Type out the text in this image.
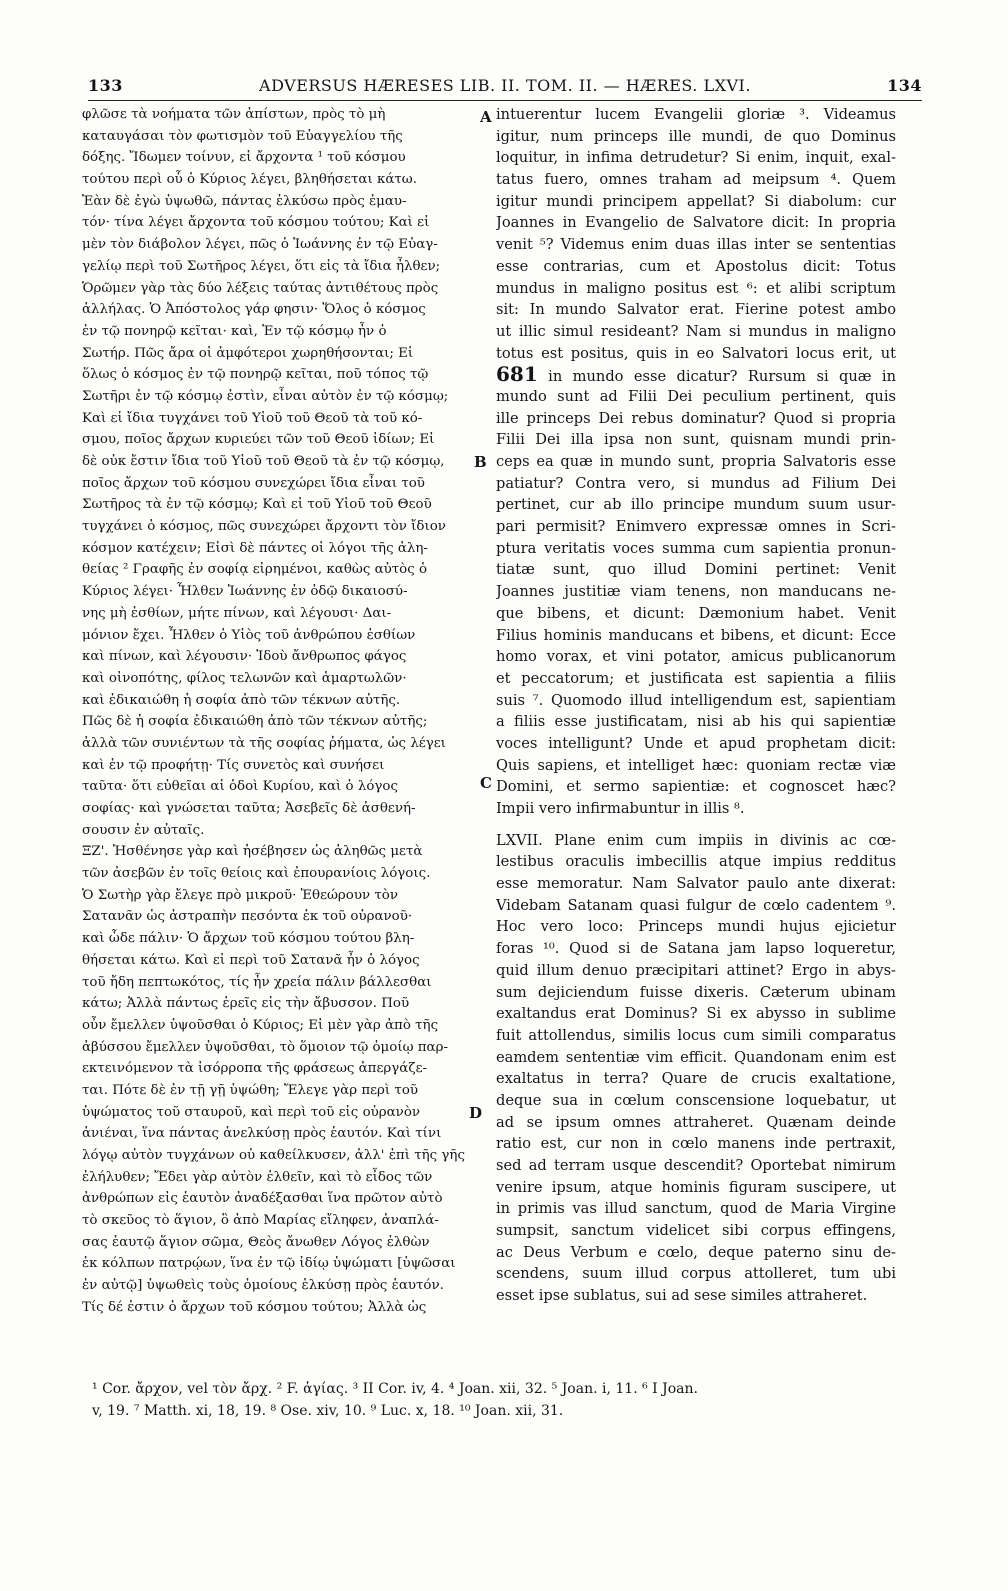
133	ADVERSUS HÆRESES LIB. II. TOM. II. — HÆRES. LXVI.	134
φλῶσε τὰ νοήματα τῶν ἀπίστων, πρὸς τὸ μὴ
καταυγάσαι τὸν φωτισμὸν τοῦ Εὐαγγελίου τῆς
δόξης. Ἴδωμεν τοίνυν, εἰ ἄρχοντα ¹ τοῦ κόσμου
τούτου περὶ οὗ ὁ Κύριος λέγει, βληθήσεται κάτω.
Ἐὰν δὲ ἐγὼ ὑψωθῶ, πάντας ἑλκύσω πρὸς ἐμαυ-
τόν· τίνα λέγει ἄρχοντα τοῦ κόσμου τούτου; Καὶ εἰ
μὲν τὸν διάβολον λέγει, πῶς ὁ Ἰωάννης ἐν τῷ Εὐαγ-
γελίῳ περὶ τοῦ Σωτῆρος λέγει, ὅτι εἰς τὰ ἴδια ἦλθεν;
Ὁρῶμεν γὰρ τὰς δύο λέξεις ταύτας ἀντιθέτους πρὸς
ἀλλήλας. Ὁ Ἀπόστολος γάρ φησιν· Ὅλος ὁ κόσμος
ἐν τῷ πονηρῷ κεῖται· καὶ, Ἐν τῷ κόσμῳ ἦν ὁ
Σωτήρ. Πῶς ἄρα οἱ ἀμφότεροι χωρηθήσονται; Εἰ
ὅλως ὁ κόσμος ἐν τῷ πονηρῷ κεῖται, ποῦ τόπος τῷ
Σωτῆρι ἐν τῷ κόσμῳ ἐστὶν, εἶναι αὐτὸν ἐν τῷ κόσμῳ;
Καὶ εἰ ἴδια τυγχάνει τοῦ Υἱοῦ τοῦ Θεοῦ τὰ τοῦ κό-
σμου, ποῖος ἄρχων κυριεύει τῶν τοῦ Θεοῦ ἰδίων; Εἰ
δὲ οὐκ ἔστιν ἴδια τοῦ Υἱοῦ τοῦ Θεοῦ τὰ ἐν τῷ κόσμῳ,
ποῖος ἄρχων τοῦ κόσμου συνεχώρει ἴδια εἶναι τοῦ
Σωτῆρος τὰ ἐν τῷ κόσμῳ; Καὶ εἰ τοῦ Υἱοῦ τοῦ Θεοῦ
τυγχάνει ὁ κόσμος, πῶς συνεχώρει ἄρχοντι τὸν ἴδιον
κόσμον κατέχειν; Εἰσὶ δὲ πάντες οἱ λόγοι τῆς ἀλη-
θείας ² Γραφῆς ἐν σοφίᾳ εἰρημένοι, καθὼς αὐτὸς ὁ
Κύριος λέγει· Ἦλθεν Ἰωάννης ἐν ὁδῷ δικαιοσύ-
νης μὴ ἐσθίων, μήτε πίνων, καὶ λέγουσι· Δαι-
μόνιον ἔχει. Ἦλθεν ὁ Υἱὸς τοῦ ἀνθρώπου ἐσθίων
καὶ πίνων, καὶ λέγουσιν· Ἰδοὺ ἄνθρωπος φάγος
καὶ οἰνοπότης, φίλος τελωνῶν καὶ ἁμαρτωλῶν·
καὶ ἐδικαιώθη ἡ σοφία ἀπὸ τῶν τέκνων αὐτῆς.
Πῶς δὲ ἡ σοφία ἐδικαιώθη ἀπὸ τῶν τέκνων αὐτῆς;
ἀλλὰ τῶν συνιέντων τὰ τῆς σοφίας ῥήματα, ὡς λέγει
καὶ ἐν τῷ προφήτῃ· Τίς συνετὸς καὶ συνήσει
ταῦτα· ὅτι εὐθεῖαι αἱ ὁδοὶ Κυρίου, καὶ ὁ λόγος
σοφίας· καὶ γνώσεται ταῦτα; Ἀσεβεῖς δὲ ἀσθενή-
σουσιν ἐν αὐταῖς.
ΞΖ'. Ἠσθένησε γὰρ καὶ ἠσέβησεν ὡς ἀληθῶς μετὰ
τῶν ἀσεβῶν ἐν τοῖς θείοις καὶ ἐπουρανίοις λόγοις.
Ὁ Σωτὴρ γὰρ ἔλεγε πρὸ μικροῦ· Ἐθεώρουν τὸν
Σατανᾶν ὡς ἀστραπὴν πεσόντα ἐκ τοῦ οὐρανοῦ·
καὶ ὧδε πάλιν· Ὁ ἄρχων τοῦ κόσμου τούτου βλη-
θήσεται κάτω. Καὶ εἰ περὶ τοῦ Σατανᾶ ἦν ὁ λόγος
τοῦ ἤδη πεπτωκότος, τίς ἦν χρεία πάλιν βάλλεσθαι
κάτω; Ἀλλὰ πάντως ἐρεῖς εἰς τὴν ἄβυσσον. Ποῦ
οὖν ἔμελλεν ὑψοῦσθαι ὁ Κύριος; Εἰ μὲν γὰρ ἀπὸ τῆς
ἀβύσσου ἔμελλεν ὑψοῦσθαι, τὸ ὅμοιον τῷ ὁμοίῳ παρ-
εκτεινόμενον τὰ ἰσόρροπα τῆς φράσεως ἀπεργάζε-
ται. Πότε δὲ ἐν τῇ γῇ ὑψώθη; Ἔλεγε γὰρ περὶ τοῦ
ὑψώματος τοῦ σταυροῦ, καὶ περὶ τοῦ εἰς οὐρανὸν
ἀνιέναι, ἵνα πάντας ἀνελκύσῃ πρὸς ἑαυτόν. Καὶ τίνι
λόγῳ αὐτὸν τυγχάνων οὐ καθείλκυσεν, ἀλλ' ἐπὶ τῆς γῆς
ἐλήλυθεν; Ἔδει γὰρ αὐτὸν ἐλθεῖν, καὶ τὸ εἶδος τῶν
ἀνθρώπων εἰς ἑαυτὸν ἀναδέξασθαι ἵνα πρῶτον αὐτὸ
τὸ σκεῦος τὸ ἅγιον, ὃ ἀπὸ Μαρίας εἴληφεν, ἀναπλά-
σας ἑαυτῷ ἅγιον σῶμα, Θεὸς ἄνωθεν Λόγος ἐλθὼν
ἐκ κόλπων πατρῴων, ἵνα ἐν τῷ ἰδίῳ ὑψώματι [ὑψῶσαι
ἐν αὐτῷ] ὑψωθεὶς τοὺς ὁμοίους ἑλκύσῃ πρὸς ἑαυτόν.
Τίς δέ ἐστιν ὁ ἄρχων τοῦ κόσμου τούτου; Ἀλλὰ ὡς
intuerentur lucem Evangelii gloriæ ³. Videamus
igitur, num princeps ille mundi, de quo Dominus
loquitur, in infima detrudetur? Si enim, inquit, exal-
tatus fuero, omnes traham ad meipsum ⁴. Quem
igitur mundi principem appellat? Si diabolum: cur
Joannes in Evangelio de Salvatore dicit: In propria
venit ⁵? Videmus enim duas illas inter se sententias
esse contrarias, cum et Apostolus dicit: Totus
mundus in maligno positus est ⁶: et alibi scriptum
sit: In mundo Salvator erat. Fierine potest ambo
ut illic simul resideant? Nam si mundus in maligno
totus est positus, quis in eo Salvatori locus erit, ut
681 in mundo esse dicatur? Rursum si quæ in
mundo sunt ad Filii Dei peculium pertinent, quis
ille princeps Dei rebus dominatur? Quod si propria
Filii Dei illa ipsa non sunt, quisnam mundi prin-
ceps ea quæ in mundo sunt, propria Salvatoris esse
patiatur? Contra vero, si mundus ad Filium Dei
pertinet, cur ab illo principe mundum suum usur-
pari permisit? Enimvero expressæ omnes in Scri-
ptura veritatis voces summa cum sapientia pronun-
tiatæ sunt, quo illud Domini pertinet: Venit
Joannes justitiæ viam tenens, non manducans ne-
que bibens, et dicunt: Dæmonium habet. Venit
Filius hominis manducans et bibens, et dicunt: Ecce
homo vorax, et vini potator, amicus publicanorum
et peccatorum; et justificata est sapientia a filiis
suis ⁷. Quomodo illud intelligendum est, sapientiam
a filiis esse justificatam, nisi ab his qui sapientiæ
voces intelligunt? Unde et apud prophetam dicit:
Quis sapiens, et intelliget hæc: quoniam rectæ viæ
Domini, et sermo sapientiæ: et cognoscet hæc?
Impii vero infirmabuntur in illis ⁸.
LXVII. Plane enim cum impiis in divinis ac cœ-
lestibus oraculis imbecillis atque impius redditus
esse memoratur. Nam Salvator paulo ante dixerat:
Videbam Satanam quasi fulgur de cœlo cadentem ⁹.
Hoc vero loco: Princeps mundi hujus ejicietur
foras ¹⁰. Quod si de Satana jam lapso loqueretur,
quid illum denuo præcipitari attinet? Ergo in abys-
sum dejiciendum fuisse dixeris. Cæterum ubinam
exaltandus erat Dominus? Si ex abysso in sublime
fuit attollendus, similis locus cum simili comparatus
eamdem sententiæ vim efficit. Quandonam enim est
exaltatus in terra? Quare de crucis exaltatione,
deque sua in cœlum conscensione loquebatur, ut
ad se ipsum omnes attraheret. Quænam deinde
ratio est, cur non in cœlo manens inde pertraxit,
sed ad terram usque descendit? Oportebat nimirum
venire ipsum, atque hominis figuram suscipere, ut
in primis vas illud sanctum, quod de Maria Virgine
sumpsit, sanctum videlicet sibi corpus effingens,
ac Deus Verbum e cœlo, deque paterno sinu de-
scendens, suum illud corpus attolleret, tum ubi
esset ipse sublatus, sui ad sese similes attraheret.
A
B
C
D
¹ Cor. ἄρχον, vel τὸν ἄρχ. ² F. ἁγίας. ³ II Cor. iv, 4. ⁴ Joan. xii, 32. ⁵ Joan. i, 11. ⁶ I Joan.
v, 19. ⁷ Matth. xi, 18, 19. ⁸ Ose. xiv, 10. ⁹ Luc. x, 18. ¹⁰ Joan. xii, 31.
